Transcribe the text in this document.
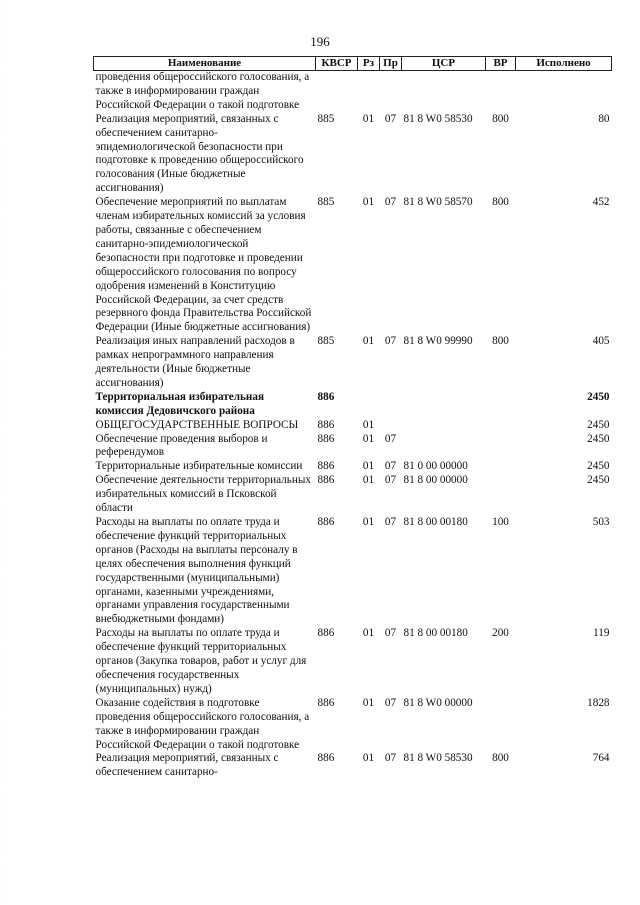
196
Наименование	КВСР	Рз	Пр	ЦСР	ВР	Исполнено
проведения общероссийского голосования, а также в информировании граждан Российской Федерации о такой подготовке						
Реализация мероприятий, связанных с обеспечением санитарно-эпидемиологической безопасности при подготовке к проведению общероссийского голосования (Иные бюджетные ассигнования)	885	01	07	81 8 W0 58530	800	80
Обеспечение мероприятий по выплатам членам избирательных комиссий за условия работы, связанные с обеспечением санитарно-эпидемиологической безопасности при подготовке и проведении общероссийского голосования по вопросу одобрения изменений в Конституцию Российской Федерации, за счет средств резервного фонда Правительства Российской Федерации (Иные бюджетные ассигнования)	885	01	07	81 8 W0 58570	800	452
Реализация иных направлений расходов в рамках непрограммного направления деятельности (Иные бюджетные ассигнования)	885	01	07	81 8 W0 99990	800	405
Территориальная избирательная комиссия Дедовичского района	886					2450
ОБЩЕГОСУДАРСТВЕННЫЕ ВОПРОСЫ	886	01				2450
Обеспечение проведения выборов и референдумов	886	01	07			2450
Территориальные избирательные комиссии	886	01	07	81 0 00 00000		2450
Обеспечение деятельности территориальных избирательных комиссий в Псковской области	886	01	07	81 8 00 00000		2450
Расходы на выплаты по оплате труда и обеспечение функций территориальных органов (Расходы на выплаты персоналу в целях обеспечения выполнения функций государственными (муниципальными) органами, казенными учреждениями, органами управления государственными внебюджетными фондами)	886	01	07	81 8 00 00180	100	503
Расходы на выплаты по оплате труда и обеспечение функций территориальных органов (Закупка товаров, работ и услуг для обеспечения государственных (муниципальных) нужд)	886	01	07	81 8 00 00180	200	119
Оказание содействия в подготовке проведения общероссийского голосования, а также в информировании граждан Российской Федерации о такой подготовке	886	01	07	81 8 W0 00000		1828
Реализация мероприятий, связанных с обеспечением санитарно-	886	01	07	81 8 W0 58530	800	764
